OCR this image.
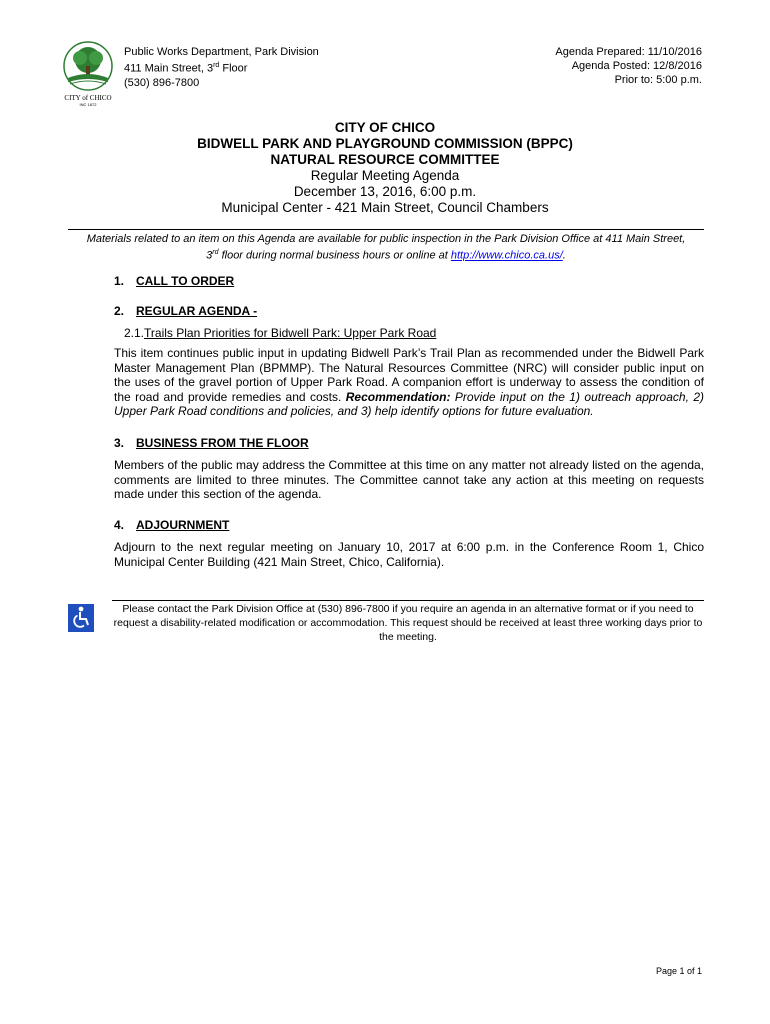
CITY of CHICO
INC 1872
Public Works Department, Park Division
411 Main Street, 3rd Floor
(530) 896-7800
Agenda Prepared: 11/10/2016
Agenda Posted: 12/8/2016
Prior to: 5:00 p.m.
CITY OF CHICO
BIDWELL PARK AND PLAYGROUND COMMISSION (BPPC)
NATURAL RESOURCE COMMITTEE
Regular Meeting Agenda
December 13, 2016, 6:00 p.m.
Municipal Center - 421 Main Street, Council Chambers
Materials related to an item on this Agenda are available for public inspection in the Park Division Office at 411 Main Street,
3rd floor during normal business hours or online at http://www.chico.ca.us/.
1. CALL TO ORDER
2. REGULAR AGENDA -
2.1.Trails Plan Priorities for Bidwell Park: Upper Park Road
This item continues public input in updating Bidwell Park’s Trail Plan as recommended under the Bidwell Park Master Management Plan (BPMMP). The Natural Resources Committee (NRC) will consider public input on the uses of the gravel portion of Upper Park Road. A companion effort is underway to assess the condition of the road and provide remedies and costs. Recommendation: Provide input on the 1) outreach approach, 2) Upper Park Road conditions and policies, and 3) help identify options for future evaluation.
3. BUSINESS FROM THE FLOOR
Members of the public may address the Committee at this time on any matter not already listed on the agenda, comments are limited to three minutes. The Committee cannot take any action at this meeting on requests made under this section of the agenda.
4. ADJOURNMENT
Adjourn to the next regular meeting on January 10, 2017 at 6:00 p.m. in the Conference Room 1, Chico Municipal Center Building (421 Main Street, Chico, California).
Please contact the Park Division Office at (530) 896-7800 if you require an agenda in an alternative format or if you need to request a disability-related modification or accommodation. This request should be received at least three working days prior to the meeting.
Page 1 of 1
